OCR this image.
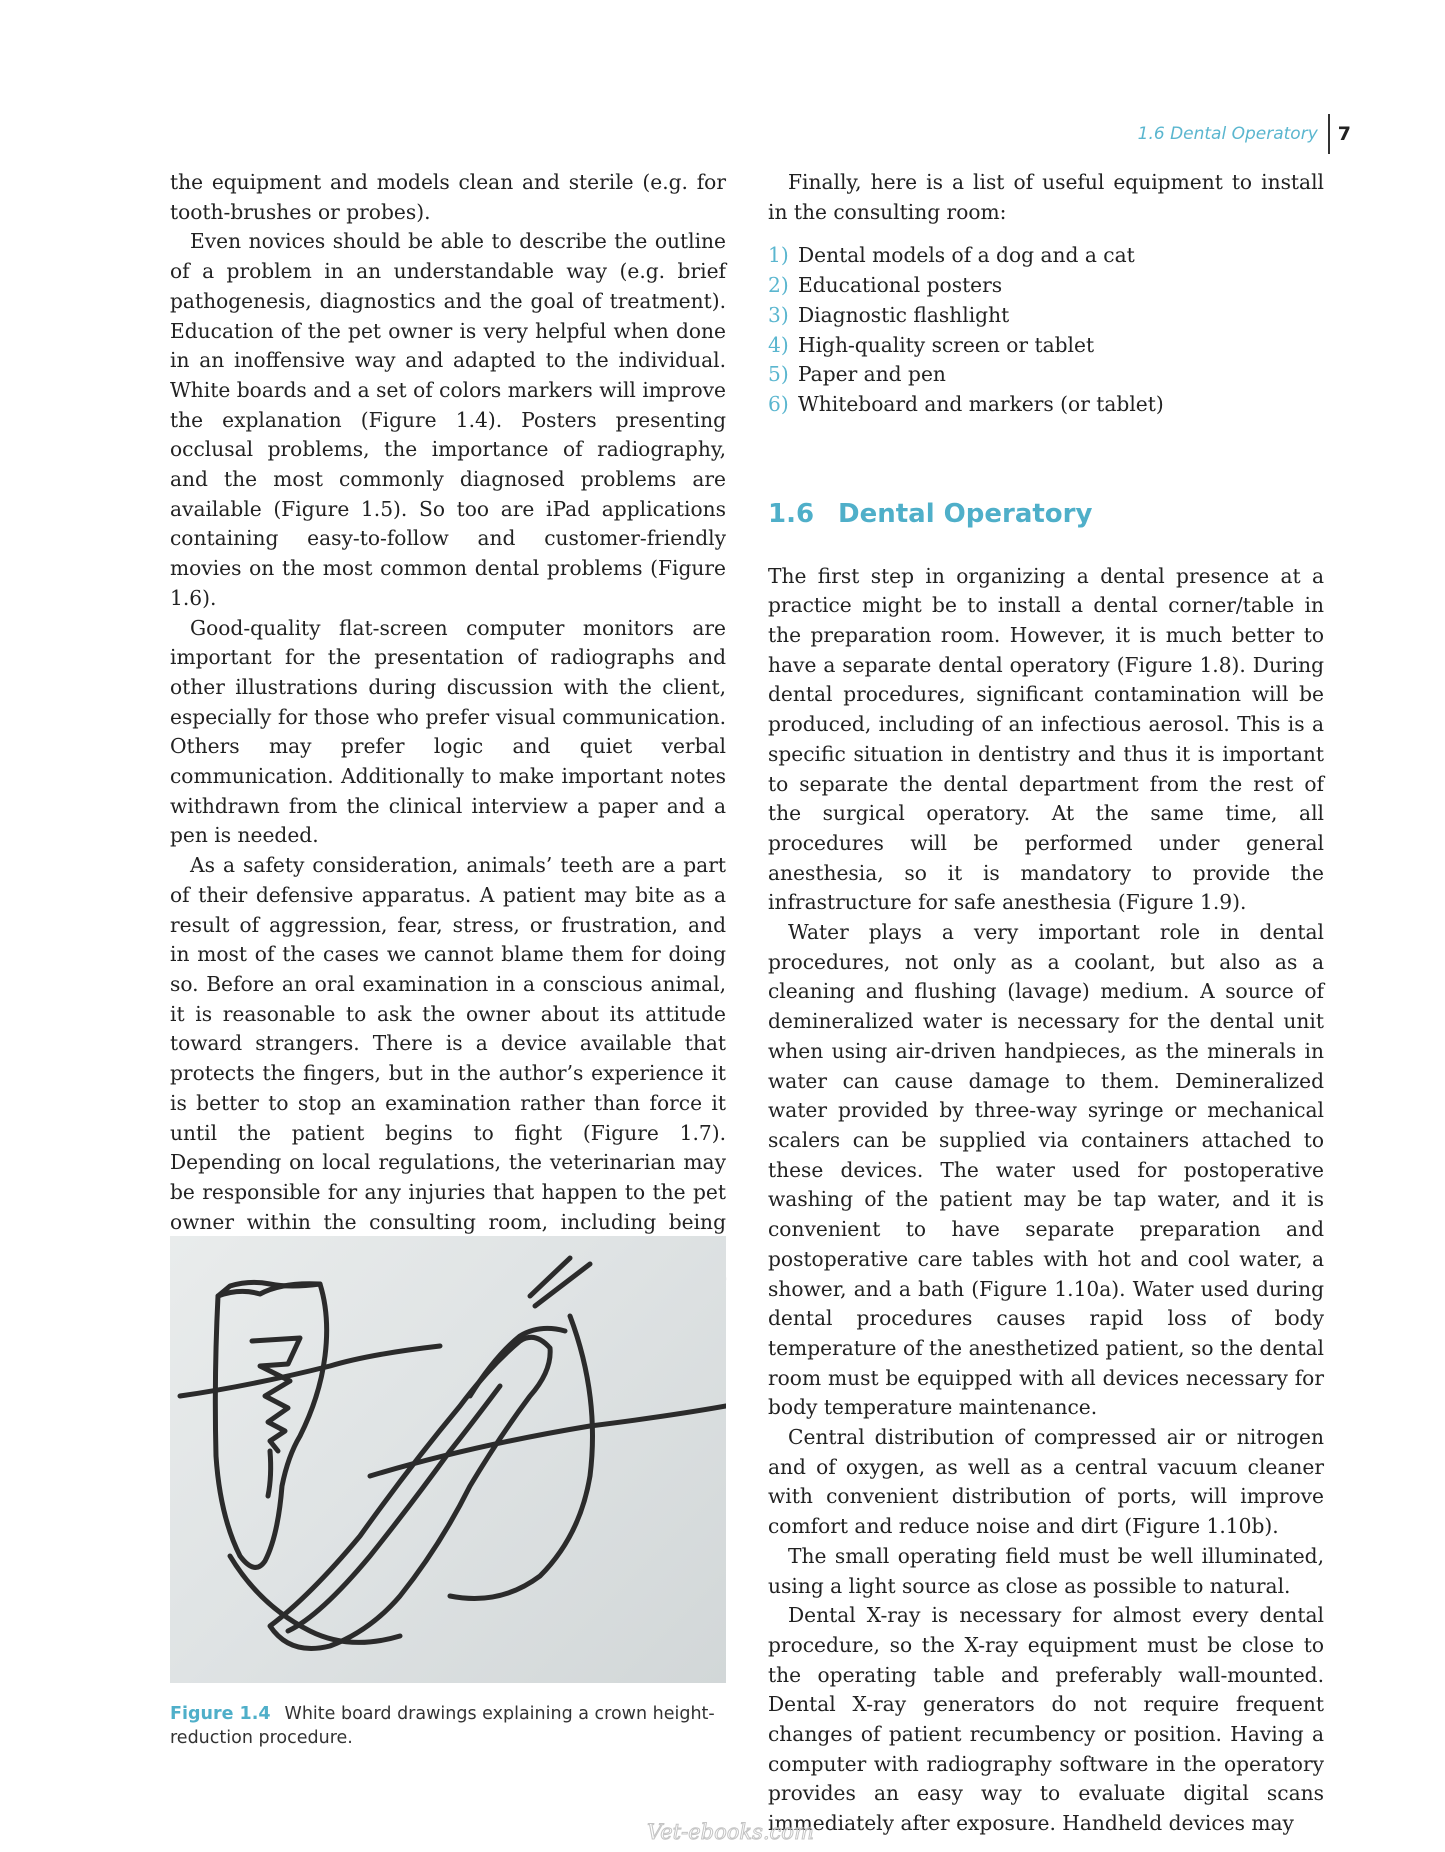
1.6 Dental Operatory 7

the equipment and models clean and sterile (e.g. for tooth-brushes or probes).

Even novices should be able to describe the outline of a problem in an understandable way (e.g. brief pathogenesis, diagnostics and the goal of treatment). Education of the pet owner is very helpful when done in an inoffensive way and adapted to the individual. White boards and a set of colors markers will improve the explanation (Figure 1.4). Posters presenting occlusal problems, the importance of radiography, and the most commonly diagnosed problems are available (Figure 1.5). So too are iPad applications containing easy-to-follow and customer-friendly movies on the most common dental problems (Figure 1.6).

Good-quality flat-screen computer monitors are important for the presentation of radiographs and other illustrations during discussion with the client, especially for those who prefer visual communication. Others may prefer logic and quiet verbal communication. Additionally to make important notes withdrawn from the clinical interview a paper and a pen is needed.

As a safety consideration, animals’ teeth are a part of their defensive apparatus. A patient may bite as a result of aggression, fear, stress, or frustration, and in most of the cases we cannot blame them for doing so. Before an oral examination in a conscious animal, it is reasonable to ask the owner about its attitude toward strangers. There is a device available that protects the fingers, but in the author’s experience it is better to stop an examination rather than force it until the patient begins to fight (Figure 1.7). Depending on local regulations, the veterinarian may be responsible for any injuries that happen to the pet owner within the consulting room, including being

Figure 1.4 White board drawings explaining a crown height-reduction procedure.

Finally, here is a list of useful equipment to install in the consulting room:

1) Dental models of a dog and a cat
2) Educational posters
3) Diagnostic flashlight
4) High-quality screen or tablet
5) Paper and pen
6) Whiteboard and markers (or tablet)
1.6 Dental Operatory

The first step in organizing a dental presence at a practice might be to install a dental corner/table in the preparation room. However, it is much better to have a separate dental operatory (Figure 1.8). During dental procedures, significant contamination will be produced, including of an infectious aerosol. This is a specific situation in dentistry and thus it is important to separate the dental department from the rest of the surgical operatory. At the same time, all procedures will be performed under general anesthesia, so it is mandatory to provide the infrastructure for safe anesthesia (Figure 1.9).

Water plays a very important role in dental procedures, not only as a coolant, but also as a cleaning and flushing (lavage) medium. A source of demineralized water is necessary for the dental unit when using air-driven handpieces, as the minerals in water can cause damage to them. Demineralized water provided by three-way syringe or mechanical scalers can be supplied via containers attached to these devices. The water used for postoperative washing of the patient may be tap water, and it is convenient to have separate preparation and postoperative care tables with hot and cool water, a shower, and a bath (Figure 1.10a). Water used during dental procedures causes rapid loss of body temperature of the anesthetized patient, so the dental room must be equipped with all devices necessary for body temperature maintenance.

Central distribution of compressed air or nitrogen and of oxygen, as well as a central vacuum cleaner with convenient distribution of ports, will improve comfort and reduce noise and dirt (Figure 1.10b).

The small operating field must be well illuminated, using a light source as close as possible to natural.

Dental X-ray is necessary for almost every dental procedure, so the X-ray equipment must be close to the operating table and preferably wall-mounted. Dental X-ray generators do not require frequent changes of patient recumbency or position. Having a computer with radiography software in the operatory provides an easy way to evaluate digital scans immediately after exposure. Handheld devices may

Vet-ebooks.com
